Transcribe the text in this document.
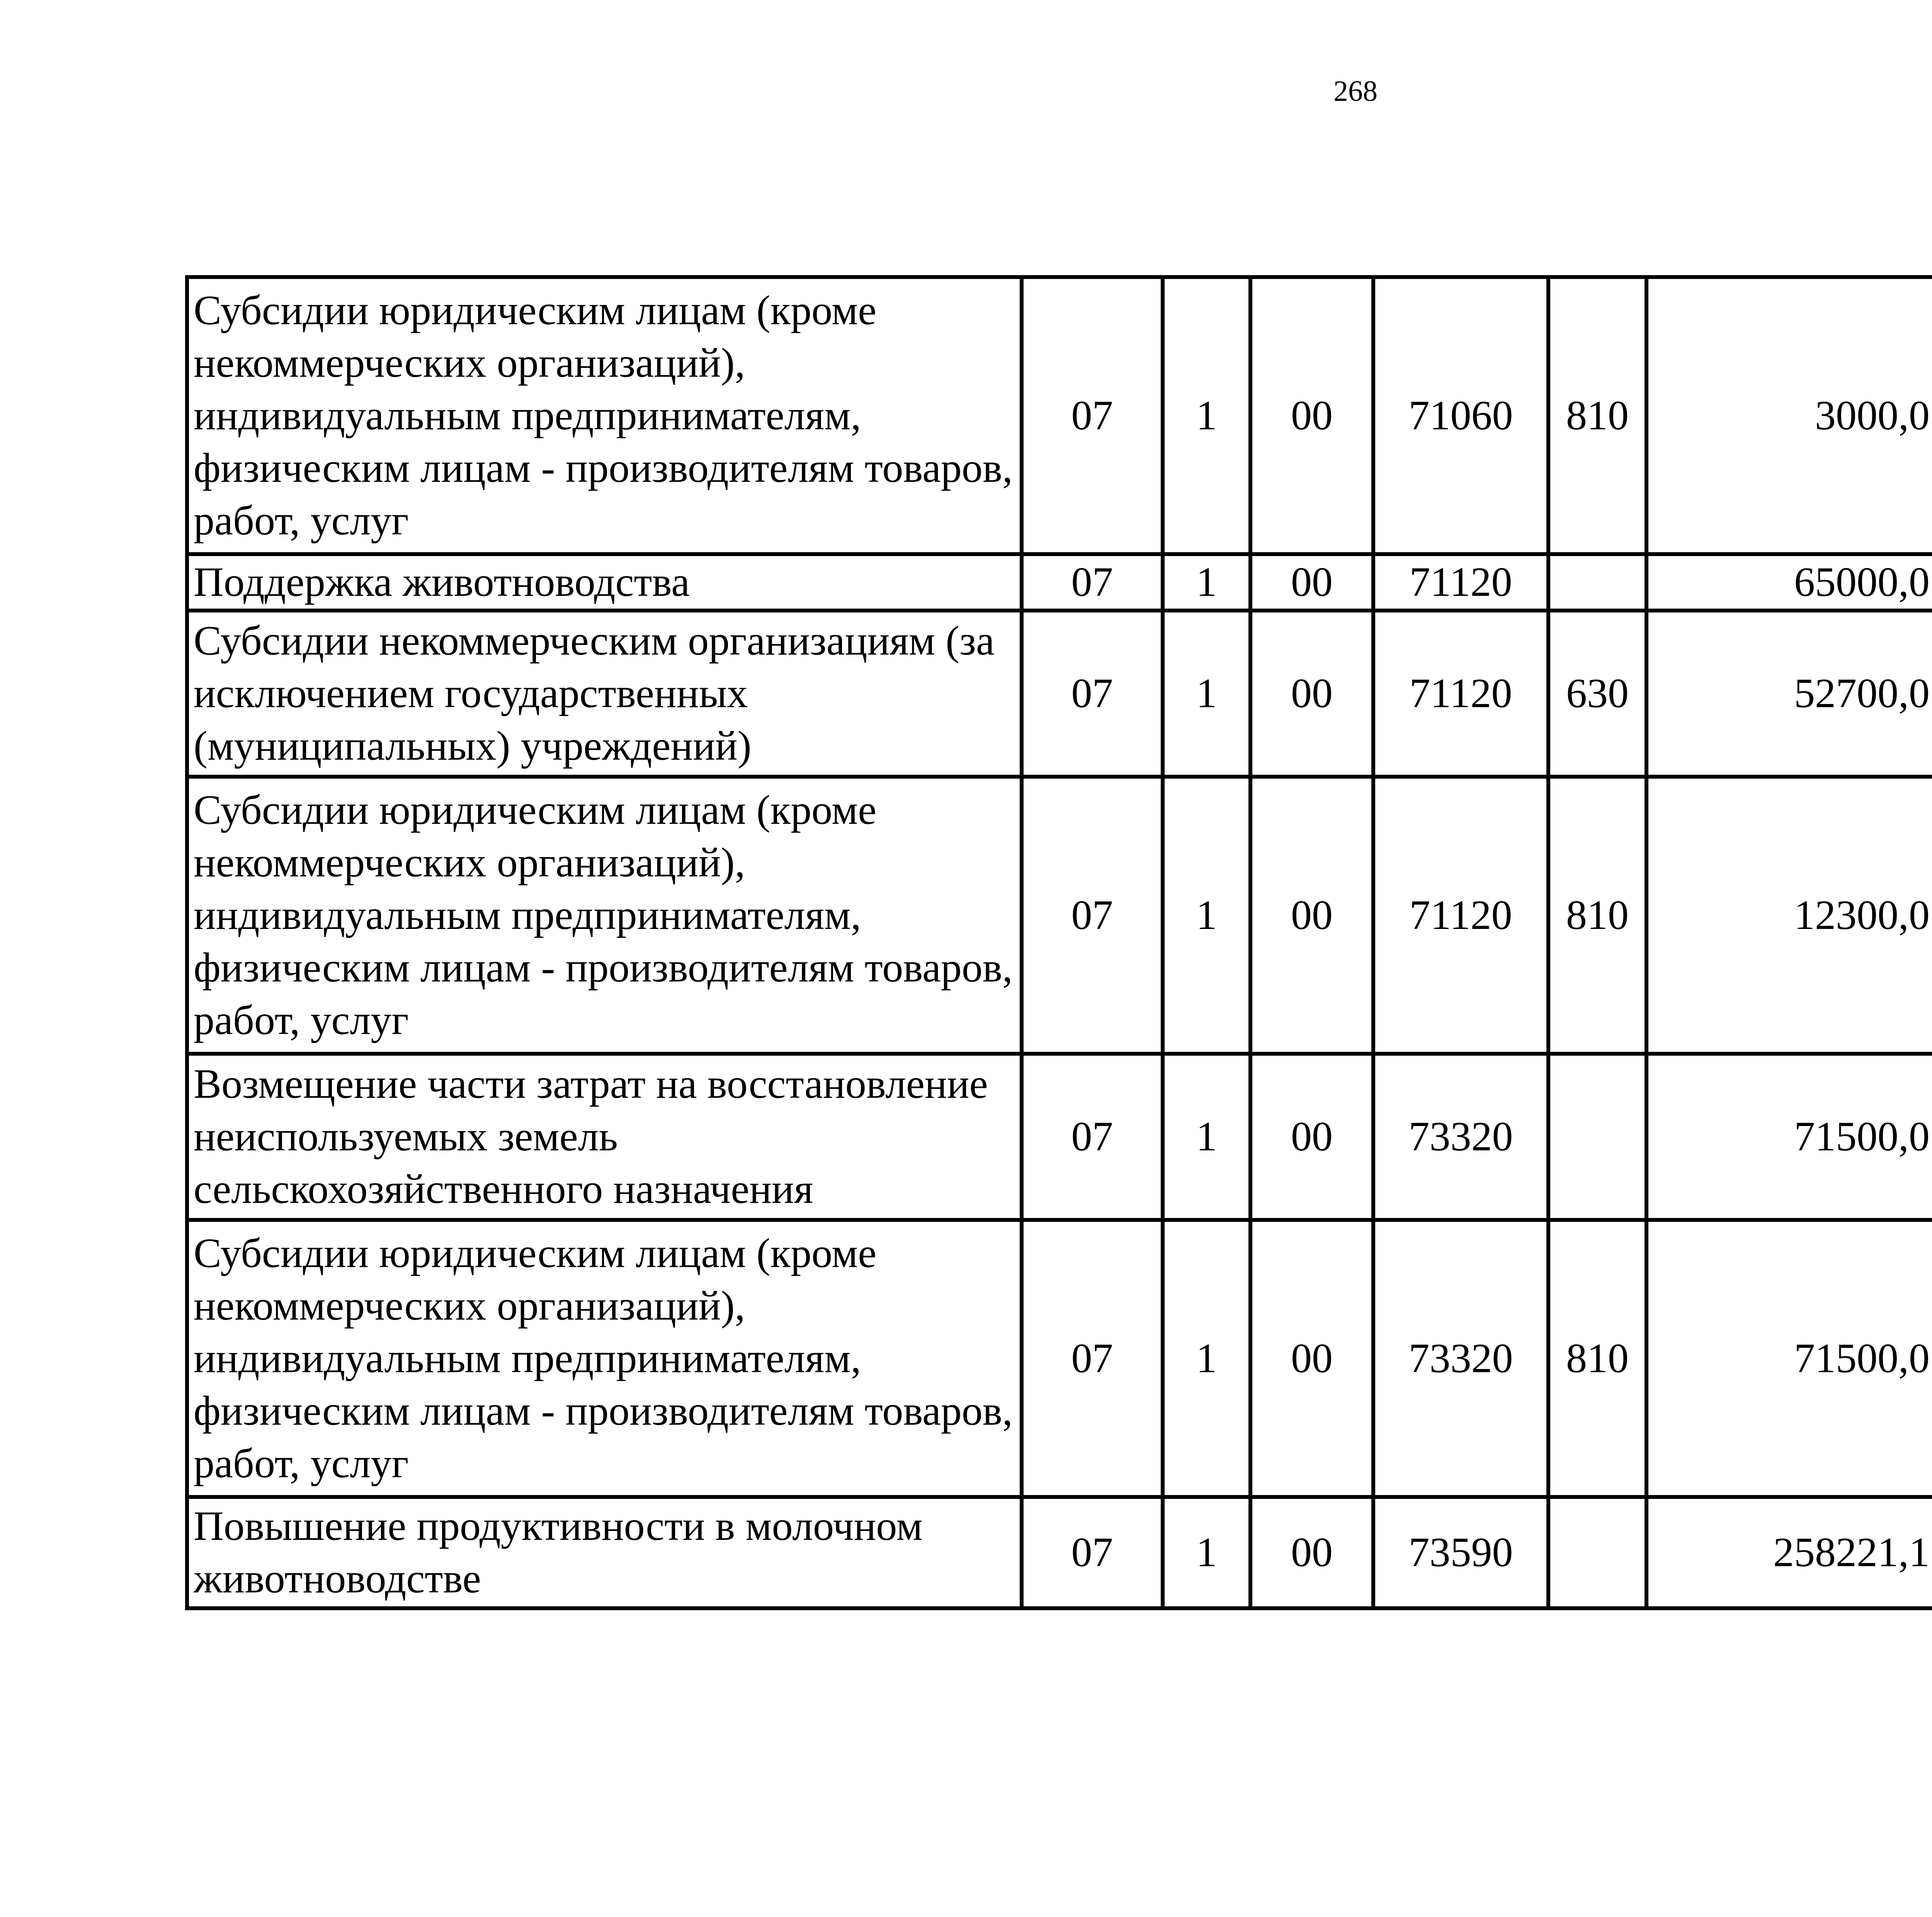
268
Субсидии юридическим лицам (кроме некоммерческих организаций), индивидуальным предпринимателям, физическим лицам - производителям товаров, работ, услуг	07	1	00	71060	810	3000,0		
Поддержка животноводства	07	1	00	71120		65000,0		
Субсидии некоммерческим организациям (за исключением государственных (муниципальных) учреждений)	07	1	00	71120	630	52700,0		
Субсидии юридическим лицам (кроме некоммерческих организаций), индивидуальным предпринимателям, физическим лицам - производителям товаров, работ, услуг	07	1	00	71120	810	12300,0		
Возмещение части затрат на восстановление неиспользуемых земель сельскохозяйственного назначения	07	1	00	73320		71500,0		
Субсидии юридическим лицам (кроме некоммерческих организаций), индивидуальным предпринимателям, физическим лицам - производителям товаров, работ, услуг	07	1	00	73320	810	71500,0		
Повышение продуктивности в молочном животноводстве	07	1	00	73590		258221,1		
